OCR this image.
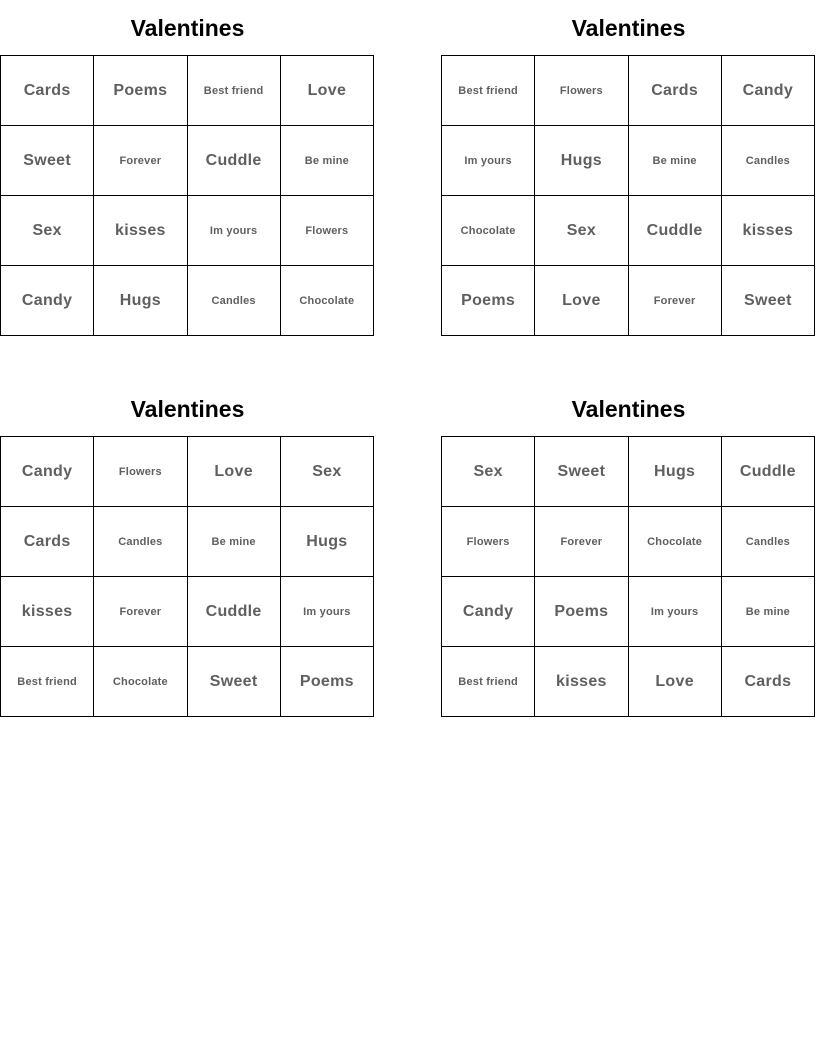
Valentines
Cards	Poems	Best friend	Love
Sweet	Forever	Cuddle	Be mine
Sex	kisses	Im yours	Flowers
Candy	Hugs	Candles	Chocolate
Valentines
Best friend	Flowers	Cards	Candy
Im yours	Hugs	Be mine	Candles
Chocolate	Sex	Cuddle	kisses
Poems	Love	Forever	Sweet
Valentines
Candy	Flowers	Love	Sex
Cards	Candles	Be mine	Hugs
kisses	Forever	Cuddle	Im yours
Best friend	Chocolate	Sweet	Poems
Valentines
Sex	Sweet	Hugs	Cuddle
Flowers	Forever	Chocolate	Candles
Candy	Poems	Im yours	Be mine
Best friend	kisses	Love	Cards
